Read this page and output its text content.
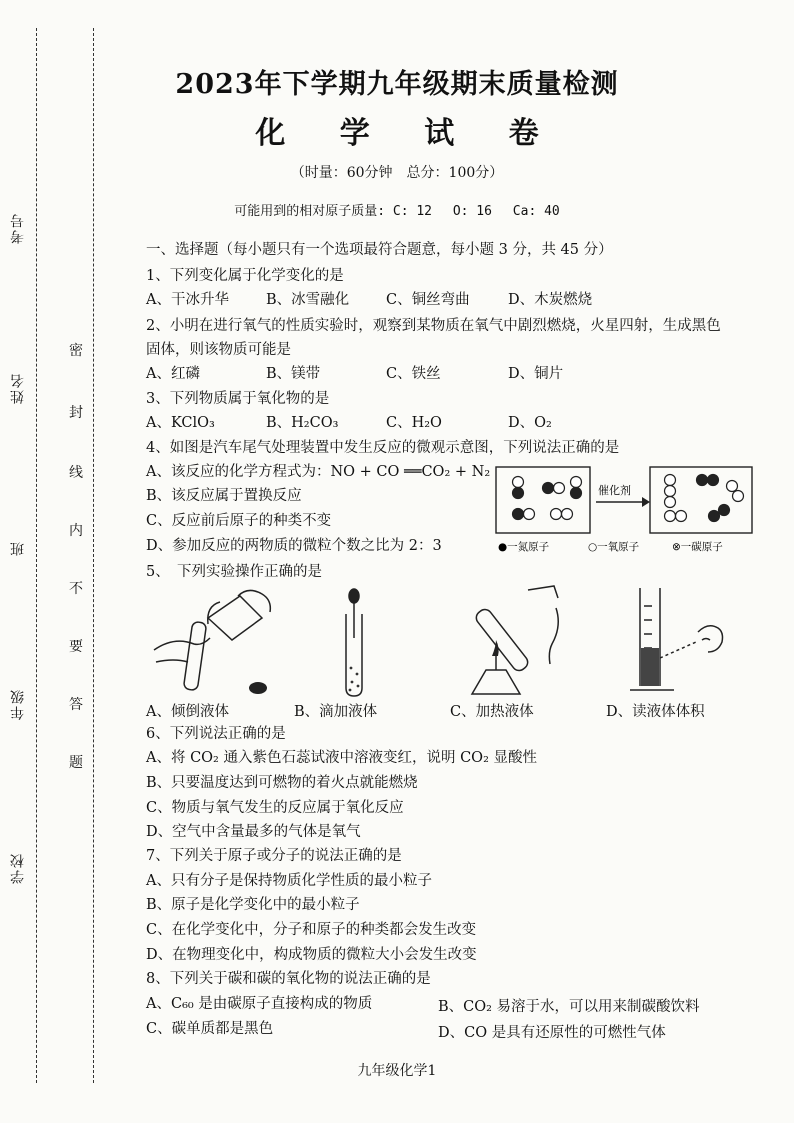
考号
姓名
班
年级
学校
密
封
线
内
不
要
答
题
2023年下学期九年级期末质量检测
化 学 试 卷
（时量：60分钟　总分：100分）
可能用到的相对原子质量: C: 12　 O: 16　 Ca: 40
一、选择题（每小题只有一个选项最符合题意，每小题 3 分，共 45 分）
1、下列变化属于化学变化的是
A、干冰升华	B、冰雪融化	C、铜丝弯曲	D、木炭燃烧
2、小明在进行氧气的性质实验时，观察到某物质在氧气中剧烈燃烧，火星四射，生成黑色
固体，则该物质可能是
A、红磷	B、镁带	C、铁丝	D、铜片
3、下列物质属于氧化物的是
A、KClO₃	B、H₂CO₃	C、H₂O	D、O₂
4、如图是汽车尾气处理装置中发生反应的微观示意图，下列说法正确的是
A、该反应的化学方程式为：NO + CO ══CO₂ + N₂
B、该反应属于置换反应
C、反应前后原子的种类不变
D、参加反应的两物质的微粒个数之比为 2：3
催化剂
●一氮原子	○一氧原子	⊗一碳原子
5、　下列实验操作正确的是
A、倾倒液体	B、滴加液体	C、加热液体	D、读液体体积
6、下列说法正确的是
A、将 CO₂ 通入紫色石蕊试液中溶液变红，说明 CO₂ 显酸性
B、只要温度达到可燃物的着火点就能燃烧
C、物质与氧气发生的反应属于氧化反应
D、空气中含量最多的气体是氧气
7、下列关于原子或分子的说法正确的是
A、只有分子是保持物质化学性质的最小粒子
B、原子是化学变化中的最小粒子
C、在化学变化中，分子和原子的种类都会发生改变
D、在物理变化中，构成物质的微粒大小会发生改变
8、下列关于碳和碳的氧化物的说法正确的是
A、C₆₀ 是由碳原子直接构成的物质	B、CO₂ 易溶于水，可以用来制碳酸饮料
C、碳单质都是黑色	D、CO 是具有还原性的可燃性气体
九年级化学1
